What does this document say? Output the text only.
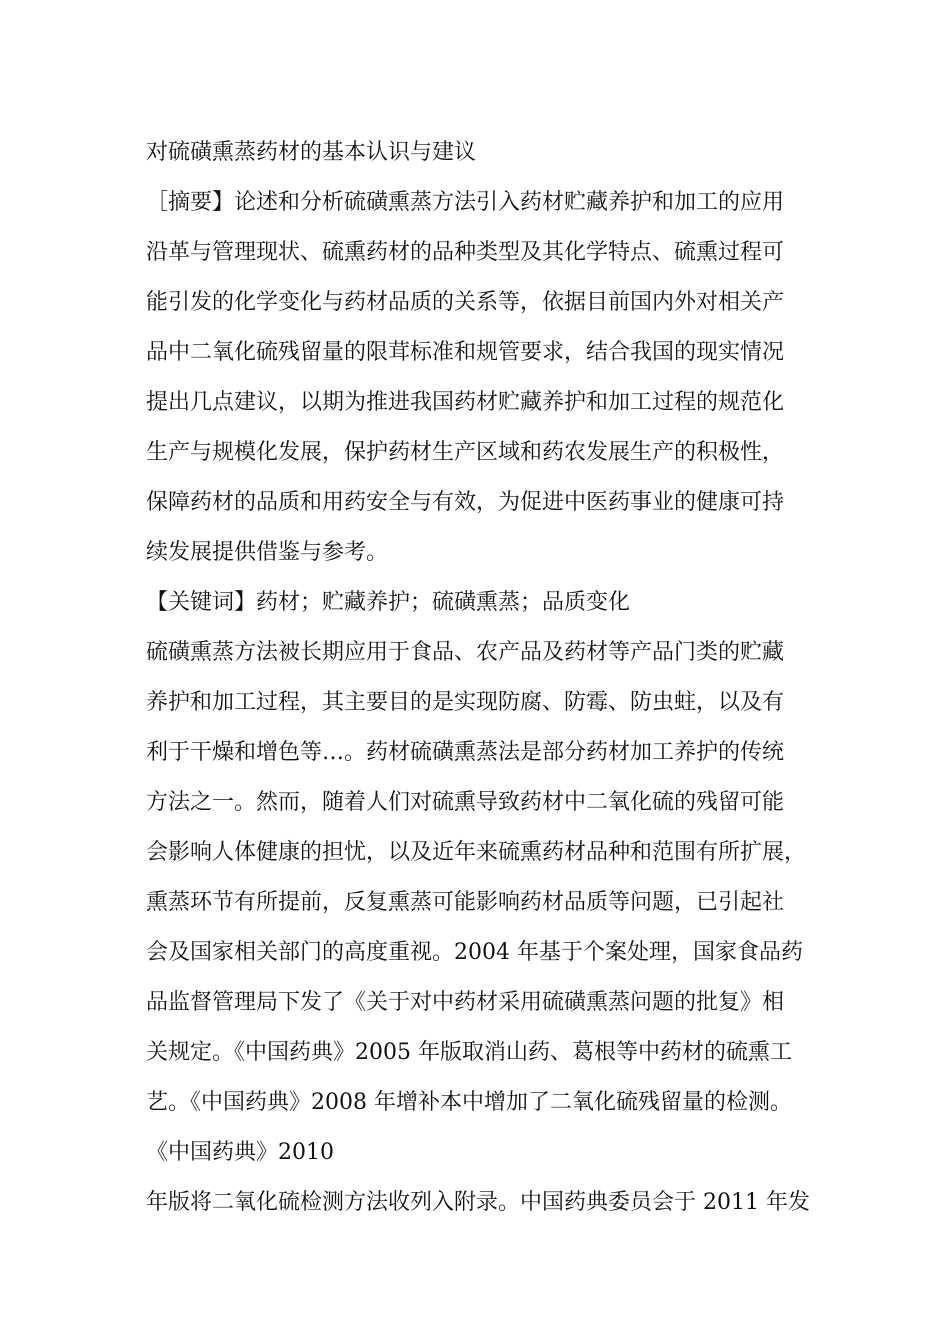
对硫磺熏蒸药材的基本认识与建议

［摘要】论述和分析硫磺熏蒸方法引入药材贮藏养护和加工的应用

沿革与管理现状、硫熏药材的品种类型及其化学特点、硫熏过程可

能引发的化学变化与药材品质的关系等，依据目前国内外对相关产

品中二氧化硫残留量的限茸标准和规管要求，结合我国的现实情况

提出几点建议，以期为推进我国药材贮藏养护和加工过程的规范化

生产与规模化发展，保护药材生产区域和药农发展生产的积极性，

保障药材的品质和用药安全与有效，为促进中医药事业的健康可持

续发展提供借鉴与参考。

【关键词】药材；贮藏养护；硫磺熏蒸；品质变化

硫磺熏蒸方法被长期应用于食品、农产品及药材等产品门类的贮藏

养护和加工过程，其主要目的是实现防腐、防霉、防虫蛀，以及有

利于干燥和增色等…。药材硫磺熏蒸法是部分药材加工养护的传统

方法之一。然而，随着人们对硫熏导致药材中二氧化硫的残留可能

会影响人体健康的担忧，以及近年来硫熏药材品种和范围有所扩展，

熏蒸环节有所提前，反复熏蒸可能影响药材品质等问题，已引起社

会及国家相关部门的高度重视。2004 年基于个案处理，国家食品药

品监督管理局下发了《关于对中药材采用硫磺熏蒸问题的批复》相

关规定。《中国药典》2005 年版取消山药、葛根等中药材的硫熏工

艺。《中国药典》2008 年增补本中增加了二氧化硫残留量的检测。

《中国药典》2010

年版将二氧化硫检测方法收列入附录。中国药典委员会于 2011 年发
